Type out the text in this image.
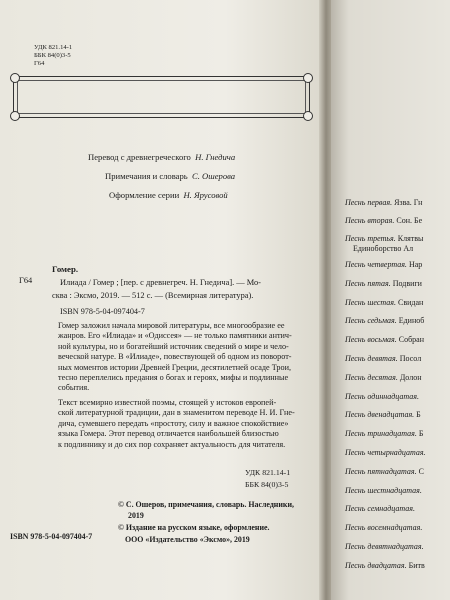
УДК 821.14-1
ББК 84(0)3-5
Г64
Перевод с древнегреческого Н. Гнедича
Примечания и словарь С. Ошерова
Оформление серии Н. Ярусовой
Г64
Гомер.
Илиада / Гомер ; [пер. с древнегреч. Н. Гнедича]. — Мо-
сква : Эксмо, 2019. — 512 с. — (Всемирная литература).
ISBN 978-5-04-097404-7
Гомер заложил начала мировой литературы, все многообразие ее
жанров. Его «Илиада» и «Одиссея» — не только памятники антич-
ной культуры, но и богатейший источник сведений о мире и чело-
веческой натуре. В «Илиаде», повествующей об одном из поворот-
ных моментов истории Древней Греции, десятилетней осаде Трои,
тесно переплелись предания о богах и героях, мифы и подлинные
события.
Текст всемирно известной поэмы, стоящей у истоков европей-
ской литературной традиции, дан в знаменитом переводе Н. И. Гне-
дича, сумевшего передать «простоту, силу и важное спокойствие»
языка Гомера. Этот перевод отличается наибольшей близостью
к подлиннику и до сих пор сохраняет актуальность для читателя.
УДК 821.14-1
ББК 84(0)3-5
© С. Ошеров, примечания, словарь. Наследники,
2019
© Издание на русском языке, оформление.
ООО «Издательство «Эксмо», 2019
ISBN 978-5-04-097404-7
Песнь первая. Язва. Гн
Песнь вторая. Сон. Бе
Песнь третья. Клятвы
Единоборство Ал
Песнь четвертая. Нар
Песнь пятая. Подвиги
Песнь шестая. Свидан
Песнь седьмая. Единоб
Песнь восьмая. Собран
Песнь девятая. Посол
Песнь десятая. Долон
Песнь одиннадцатая.
Песнь двенадцатая. Б
Песнь тринадцатая. Б
Песнь четырнадцатая.
Песнь пятнадцатая. С
Песнь шестнадцатая.
Песнь семнадцатая.
Песнь восемнадцатая.
Песнь девятнадцатая.
Песнь двадцатая. Битв
